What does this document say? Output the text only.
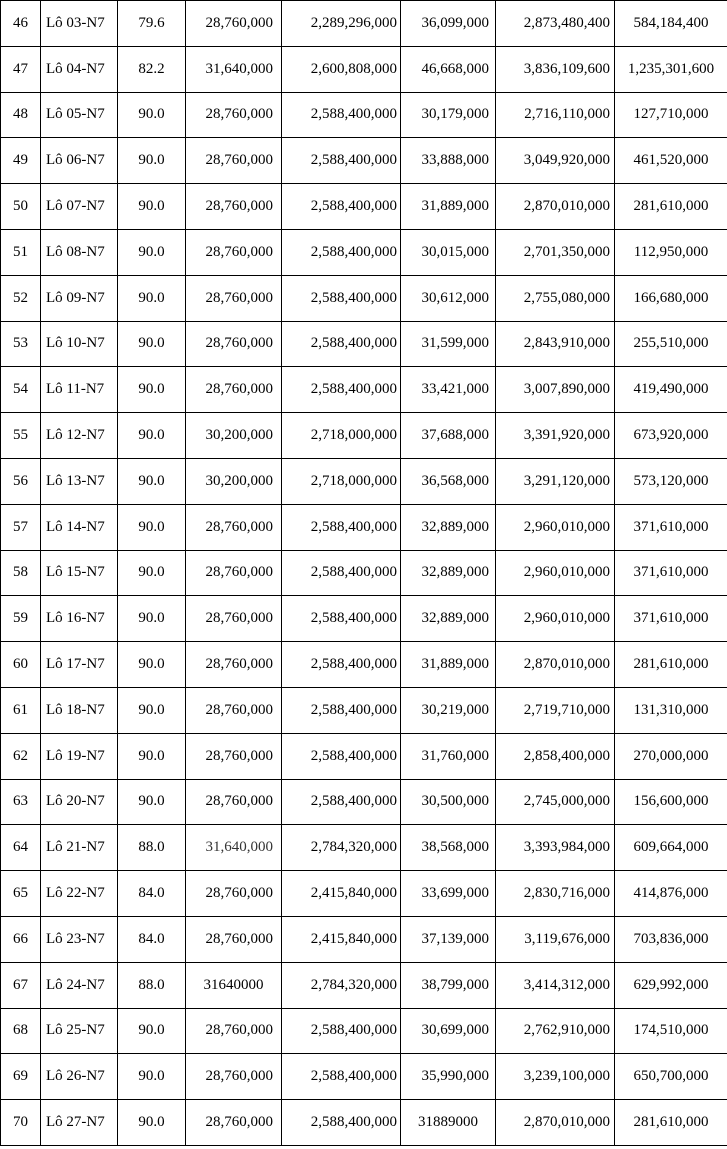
46	Lô 03-N7	79.6	28,760,000	2,289,296,000	36,099,000	2,873,480,400	584,184,400
47	Lô 04-N7	82.2	31,640,000	2,600,808,000	46,668,000	3,836,109,600	1,235,301,600
48	Lô 05-N7	90.0	28,760,000	2,588,400,000	30,179,000	2,716,110,000	127,710,000
49	Lô 06-N7	90.0	28,760,000	2,588,400,000	33,888,000	3,049,920,000	461,520,000
50	Lô 07-N7	90.0	28,760,000	2,588,400,000	31,889,000	2,870,010,000	281,610,000
51	Lô 08-N7	90.0	28,760,000	2,588,400,000	30,015,000	2,701,350,000	112,950,000
52	Lô 09-N7	90.0	28,760,000	2,588,400,000	30,612,000	2,755,080,000	166,680,000
53	Lô 10-N7	90.0	28,760,000	2,588,400,000	31,599,000	2,843,910,000	255,510,000
54	Lô 11-N7	90.0	28,760,000	2,588,400,000	33,421,000	3,007,890,000	419,490,000
55	Lô 12-N7	90.0	30,200,000	2,718,000,000	37,688,000	3,391,920,000	673,920,000
56	Lô 13-N7	90.0	30,200,000	2,718,000,000	36,568,000	3,291,120,000	573,120,000
57	Lô 14-N7	90.0	28,760,000	2,588,400,000	32,889,000	2,960,010,000	371,610,000
58	Lô 15-N7	90.0	28,760,000	2,588,400,000	32,889,000	2,960,010,000	371,610,000
59	Lô 16-N7	90.0	28,760,000	2,588,400,000	32,889,000	2,960,010,000	371,610,000
60	Lô 17-N7	90.0	28,760,000	2,588,400,000	31,889,000	2,870,010,000	281,610,000
61	Lô 18-N7	90.0	28,760,000	2,588,400,000	30,219,000	2,719,710,000	131,310,000
62	Lô 19-N7	90.0	28,760,000	2,588,400,000	31,760,000	2,858,400,000	270,000,000
63	Lô 20-N7	90.0	28,760,000	2,588,400,000	30,500,000	2,745,000,000	156,600,000
64	Lô 21-N7	88.0	31,640,000	2,784,320,000	38,568,000	3,393,984,000	609,664,000
65	Lô 22-N7	84.0	28,760,000	2,415,840,000	33,699,000	2,830,716,000	414,876,000
66	Lô 23-N7	84.0	28,760,000	2,415,840,000	37,139,000	3,119,676,000	703,836,000
67	Lô 24-N7	88.0	31640000	2,784,320,000	38,799,000	3,414,312,000	629,992,000
68	Lô 25-N7	90.0	28,760,000	2,588,400,000	30,699,000	2,762,910,000	174,510,000
69	Lô 26-N7	90.0	28,760,000	2,588,400,000	35,990,000	3,239,100,000	650,700,000
70	Lô 27-N7	90.0	28,760,000	2,588,400,000	31889000	2,870,010,000	281,610,000
